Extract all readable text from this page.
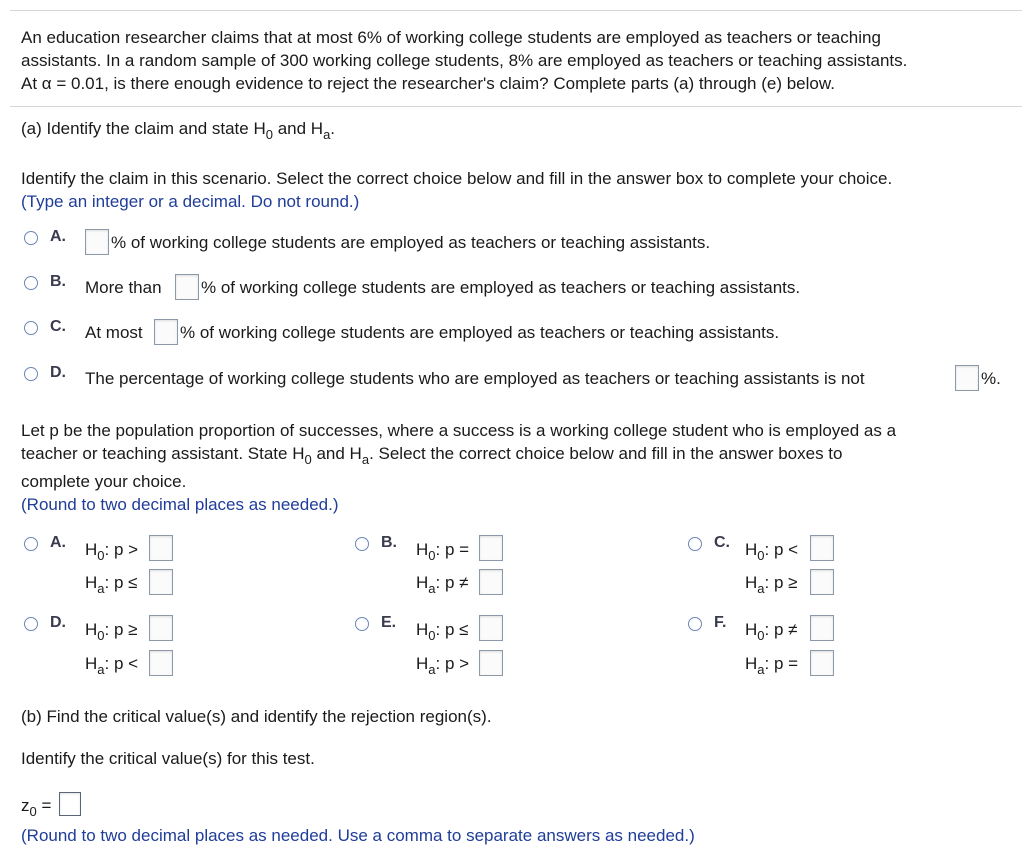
An education researcher claims that at most 6% of working college students are employed as teachers or teaching
assistants. In a random sample of 300 working college students, 8% are employed as teachers or teaching assistants.
At α = 0.01, is there enough evidence to reject the researcher's claim? Complete parts (a) through (e) below.
(a) Identify the claim and state $H_0$ and $H_a$.
Identify the claim in this scenario. Select the correct choice below and fill in the answer box to complete your choice.
(Type an integer or a decimal. Do not round.)
A.	% of working college students are employed as teachers or teaching assistants.
B. More than % of working college students are employed as teachers or teaching assistants.
C. At most % of working college students are employed as teachers or teaching assistants.
D. The percentage of working college students who are employed as teachers or teaching assistants is not	%.
Let p be the population proportion of successes, where a success is a working college student who is employed as a
teacher or teaching assistant. State $H_0$ and $H_a$. Select the correct choice below and fill in the answer boxes to
complete your choice.
(Round to two decimal places as needed.)
A. $H_0$: p >
$H_a$: p ≤
B. $H_0$: p =
$H_a$: p ≠
C. $H_0$: p <
$H_a$: p ≥
D. $H_0$: p ≥
$H_a$: p <
E. $H_0$: p ≤
$H_a$: p >
F. $H_0$: p ≠
$H_a$: p =
(b) Find the critical value(s) and identify the rejection region(s).
Identify the critical value(s) for this test.
$z_0$ =
(Round to two decimal places as needed. Use a comma to separate answers as needed.)
